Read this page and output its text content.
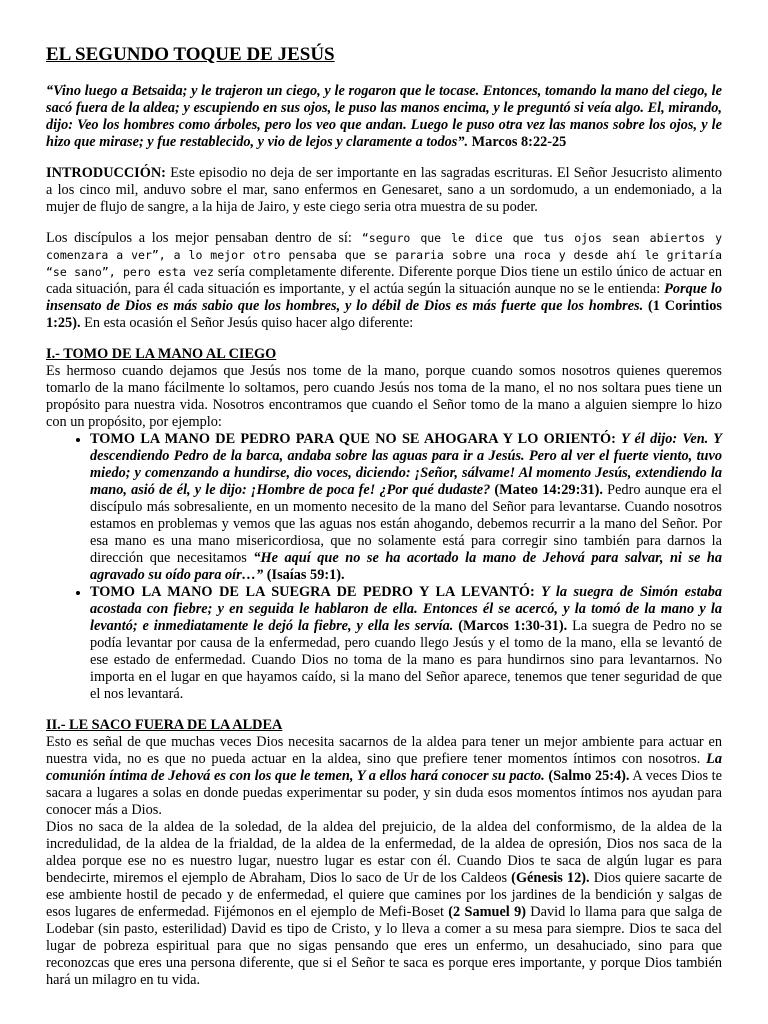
EL SEGUNDO TOQUE DE JESÚS

“Vino luego a Betsaida; y le trajeron un ciego, y le rogaron que le tocase. Entonces, tomando la mano del ciego, le sacó fuera de la aldea; y escupiendo en sus ojos, le puso las manos encima, y le preguntó si veía algo. El, mirando, dijo: Veo los hombres como árboles, pero los veo que andan. Luego le puso otra vez las manos sobre los ojos, y le hizo que mirase; y fue restablecido, y vio de lejos y claramente a todos”. Marcos 8:22-25

INTRODUCCIÓN: Este episodio no deja de ser importante en las sagradas escrituras. El Señor Jesucristo alimento a los cinco mil, anduvo sobre el mar, sano enfermos en Genesaret, sano a un sordomudo, a un endemoniado, a la mujer de flujo de sangre, a la hija de Jairo, y este ciego seria otra muestra de su poder.

Los discípulos a los mejor pensaban dentro de sí: “seguro que le dice que tus ojos sean abiertos y comenzara a ver”, a lo mejor otro pensaba que se pararia sobre una roca y desde ahí le gritaría “se sano”, pero esta vez sería completamente diferente. Diferente porque Dios tiene un estilo único de actuar en cada situación, para él cada situación es importante, y el actúa según la situación aunque no se le entienda: Porque lo insensato de Dios es más sabio que los hombres, y lo débil de Dios es más fuerte que los hombres. (1 Corintios 1:25). En esta ocasión el Señor Jesús quiso hacer algo diferente:

I.- TOMO DE LA MANO AL CIEGO

Es hermoso cuando dejamos que Jesús nos tome de la mano, porque cuando somos nosotros quienes queremos tomarlo de la mano fácilmente lo soltamos, pero cuando Jesús nos toma de la mano, el no nos soltara pues tiene un propósito para nuestra vida. Nosotros encontramos que cuando el Señor tomo de la mano a alguien siempre lo hizo con un propósito, por ejemplo:

• TOMO LA MANO DE PEDRO PARA QUE NO SE AHOGARA Y LO ORIENTÓ: Y él dijo: Ven. Y descendiendo Pedro de la barca, andaba sobre las aguas para ir a Jesús. Pero al ver el fuerte viento, tuvo miedo; y comenzando a hundirse, dio voces, diciendo: ¡Señor, sálvame! Al momento Jesús, extendiendo la mano, asió de él, y le dijo: ¡Hombre de poca fe! ¿Por qué dudaste? (Mateo 14:29:31). Pedro aunque era el discípulo más sobresaliente, en un momento necesito de la mano del Señor para levantarse. Cuando nosotros estamos en problemas y vemos que las aguas nos están ahogando, debemos recurrir a la mano del Señor. Por esa mano es una mano misericordiosa, que no solamente está para corregir sino también para darnos la dirección que necesitamos “He aquí que no se ha acortado la mano de Jehová para salvar, ni se ha agravado su oído para oír…” (Isaías 59:1).
• TOMO LA MANO DE LA SUEGRA DE PEDRO Y LA LEVANTÓ: Y la suegra de Simón estaba acostada con fiebre; y en seguida le hablaron de ella. Entonces él se acercó, y la tomó de la mano y la levantó; e inmediatamente le dejó la fiebre, y ella les servía. (Marcos 1:30-31). La suegra de Pedro no se podía levantar por causa de la enfermedad, pero cuando llego Jesús y el tomo de la mano, ella se levantó de ese estado de enfermedad. Cuando Dios no toma de la mano es para hundirnos sino para levantarnos. No importa en el lugar en que hayamos caído, si la mano del Señor aparece, tenemos que tener seguridad de que el nos levantará.
II.- LE SACO FUERA DE LA ALDEA

Esto es señal de que muchas veces Dios necesita sacarnos de la aldea para tener un mejor ambiente para actuar en nuestra vida, no es que no pueda actuar en la aldea, sino que prefiere tener momentos íntimos con nosotros. La comunión íntima de Jehová es con los que le temen, Y a ellos hará conocer su pacto. (Salmo 25:4). A veces Dios te sacara a lugares a solas en donde puedas experimentar su poder, y sin duda esos momentos íntimos nos ayudan para conocer más a Dios.

Dios no saca de la aldea de la soledad, de la aldea del prejuicio, de la aldea del conformismo, de la aldea de la incredulidad, de la aldea de la frialdad, de la aldea de la enfermedad, de la aldea de opresión, Dios nos saca de la aldea porque ese no es nuestro lugar, nuestro lugar es estar con él. Cuando Dios te saca de algún lugar es para bendecirte, miremos el ejemplo de Abraham, Dios lo saco de Ur de los Caldeos (Génesis 12). Dios quiere sacarte de ese ambiente hostil de pecado y de enfermedad, el quiere que camines por los jardines de la bendición y salgas de esos lugares de enfermedad. Fijémonos en el ejemplo de Mefi-Boset (2 Samuel 9) David lo llama para que salga de Lodebar (sin pasto, esterilidad) David es tipo de Cristo, y lo lleva a comer a su mesa para siempre. Dios te saca del lugar de pobreza espiritual para que no sigas pensando que eres un enfermo, un desahuciado, sino para que reconozcas que eres una persona diferente, que si el Señor te saca es porque eres importante, y porque Dios también hará un milagro en tu vida.
